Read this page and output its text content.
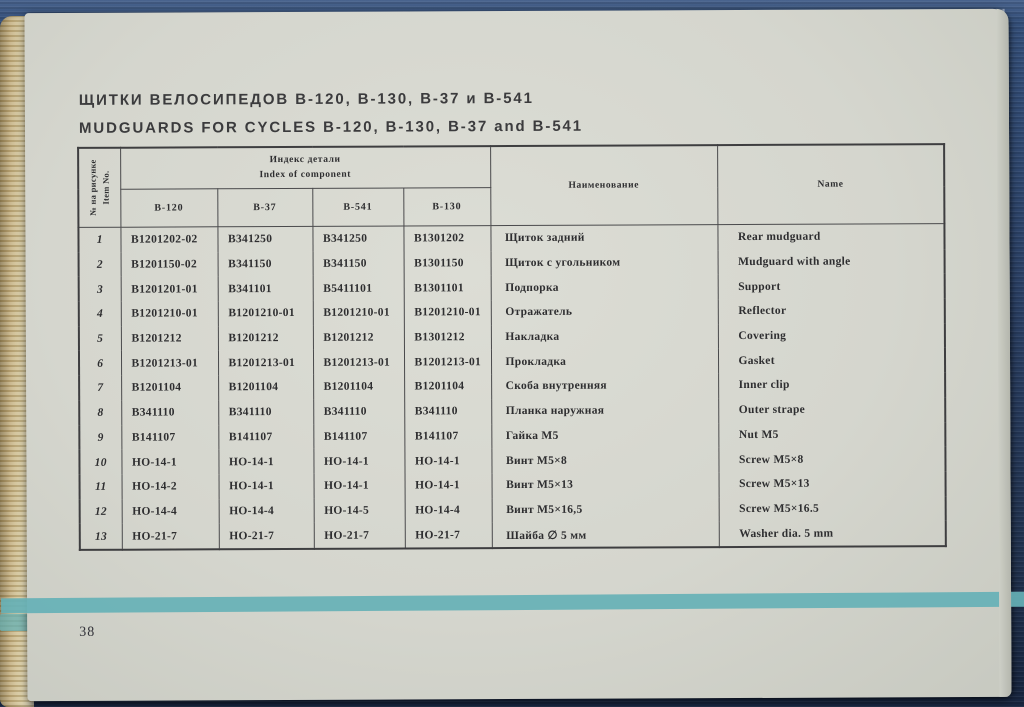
ЩИТКИ ВЕЛОСИПЕДОВ В-120, В-130, В-37 и В-541
MUDGUARDS FOR CYCLES В-120, В-130, В-37 and В-541
№ на рисунке Item No.

Индекс детали
Index of component
	Наименование	Name
	В-120	В-37	В-541	В-130		
1	В1201202-02	В341250	В341250	В1301202	Щиток задний	Rear mudguard
2	В1201150-02	В341150	В341150	В1301150	Щиток с угольником	Mudguard with angle
3	В1201201-01	В341101	В5411101	В1301101	Подпорка	Support
4	В1201210-01	В1201210-01	В1201210-01	В1201210-01	Отражатель	Reflector
5	В1201212	В1201212	В1201212	В1301212	Накладка	Covering
6	В1201213-01	В1201213-01	В1201213-01	В1201213-01	Прокладка	Gasket
7	В1201104	В1201104	В1201104	В1201104	Скоба внутренняя	Inner clip
8	В341110	В341110	В341110	В341110	Планка наружная	Outer strape
9	В141107	В141107	В141107	В141107	Гайка М5	Nut M5
10	НО-14-1	НО-14-1	НО-14-1	НО-14-1	Винт М5×8	Screw M5×8
11	НО-14-2	НО-14-1	НО-14-1	НО-14-1	Винт М5×13	Screw M5×13
12	НО-14-4	НО-14-4	НО-14-5	НО-14-4	Винт М5×16,5	Screw M5×16.5
13	НО-21-7	НО-21-7	НО-21-7	НО-21-7	Шайба ∅ 5 мм	Washer dia. 5 mm
38
